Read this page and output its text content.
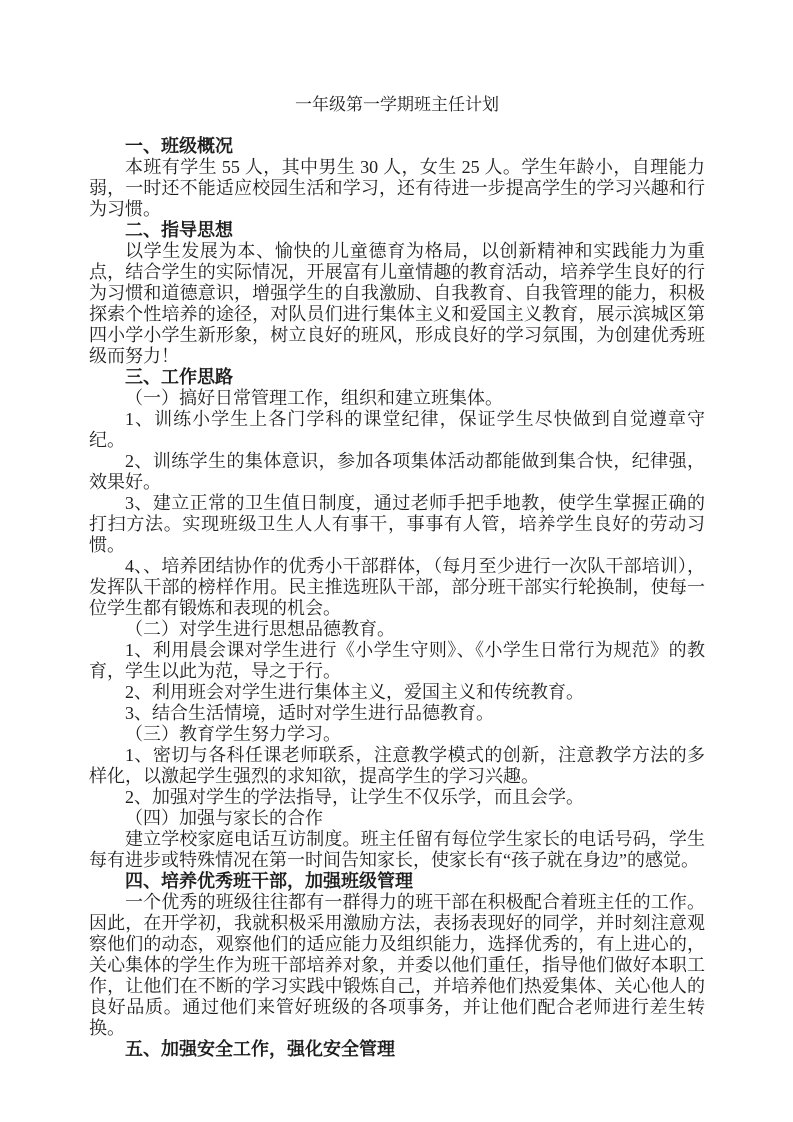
一年级第一学期班主任计划
一、班级概况

本班有学生 55 人，其中男生 30 人，女生 25 人。学生年龄小，自理能力弱，一时还不能适应校园生活和学习，还有待进一步提高学生的学习兴趣和行为习惯。

二、指导思想

以学生发展为本、愉快的儿童德育为格局，以创新精神和实践能力为重点，结合学生的实际情况，开展富有儿童情趣的教育活动，培养学生良好的行为习惯和道德意识，增强学生的自我激励、自我教育、自我管理的能力，积极探索个性培养的途径，对队员们进行集体主义和爱国主义教育，展示滨城区第四小学小学生新形象，树立良好的班风，形成良好的学习氛围，为创建优秀班级而努力！

三、工作思路

（一）搞好日常管理工作，组织和建立班集体。

1、训练小学生上各门学科的课堂纪律，保证学生尽快做到自觉遵章守纪。

2、训练学生的集体意识，参加各项集体活动都能做到集合快，纪律强，效果好。

3、建立正常的卫生值日制度，通过老师手把手地教，使学生掌握正确的打扫方法。实现班级卫生人人有事干，事事有人管，培养学生良好的劳动习惯。

4、、培养团结协作的优秀小干部群体，（每月至少进行一次队干部培训），发挥队干部的榜样作用。民主推选班队干部，部分班干部实行轮换制，使每一位学生都有锻炼和表现的机会。

（二）对学生进行思想品德教育。

1、利用晨会课对学生进行《小学生守则》、《小学生日常行为规范》的教育，学生以此为范，导之于行。

2、利用班会对学生进行集体主义，爱国主义和传统教育。

3、结合生活情境，适时对学生进行品德教育。

（三）教育学生努力学习。

1、密切与各科任课老师联系，注意教学模式的创新，注意教学方法的多样化，以激起学生强烈的求知欲，提高学生的学习兴趣。

2、加强对学生的学法指导，让学生不仅乐学，而且会学。

（四）加强与家长的合作

建立学校家庭电话互访制度。班主任留有每位学生家长的电话号码，学生每有进步或特殊情况在第一时间告知家长，使家长有“孩子就在身边”的感觉。

四、培养优秀班干部，加强班级管理

一个优秀的班级往往都有一群得力的班干部在积极配合着班主任的工作。因此，在开学初，我就积极采用激励方法，表扬表现好的同学，并时刻注意观察他们的动态，观察他们的适应能力及组织能力，选择优秀的，有上进心的，关心集体的学生作为班干部培养对象，并委以他们重任，指导他们做好本职工作，让他们在不断的学习实践中锻炼自己，并培养他们热爱集体、关心他人的良好品质。通过他们来管好班级的各项事务，并让他们配合老师进行差生转换。

五、加强安全工作，强化安全管理
